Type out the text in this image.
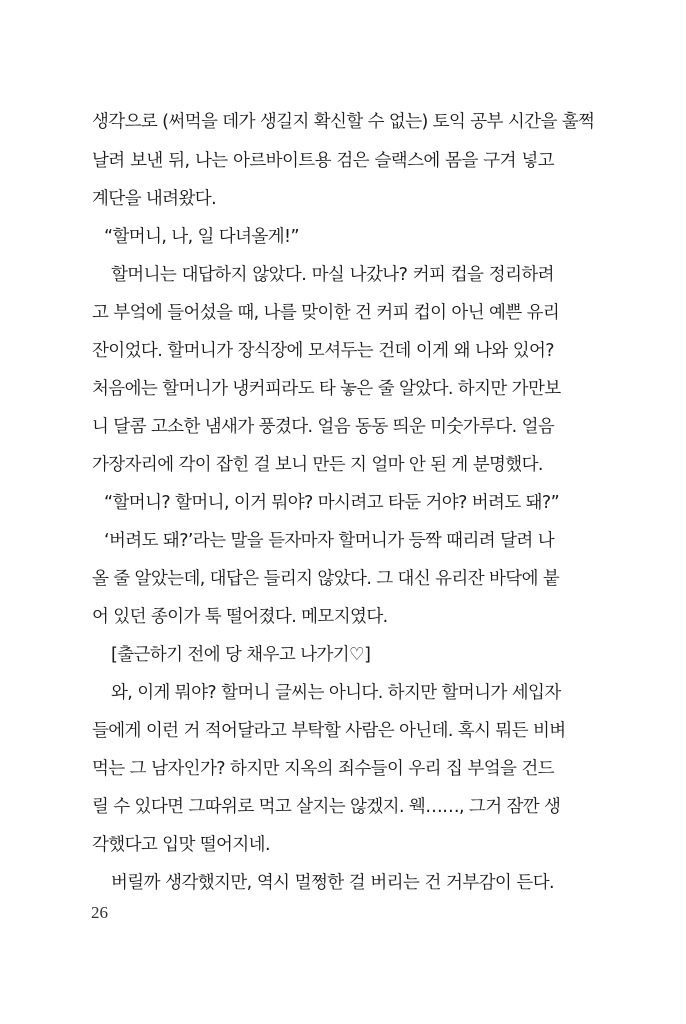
생각으로 (써먹을 데가 생길지 확신할 수 없는) 토익 공부 시간을 훌쩍
날려 보낸 뒤, 나는 아르바이트용 검은 슬랙스에 몸을 구겨 넣고
계단을 내려왔다.
“할머니, 나, 일 다녀올게!”
할머니는 대답하지 않았다. 마실 나갔나? 커피 컵을 정리하려
고 부엌에 들어섰을 때, 나를 맞이한 건 커피 컵이 아닌 예쁜 유리
잔이었다. 할머니가 장식장에 모셔두는 건데 이게 왜 나와 있어?
처음에는 할머니가 냉커피라도 타 놓은 줄 알았다. 하지만 가만보
니 달콤 고소한 냄새가 풍겼다. 얼음 동동 띄운 미숫가루다. 얼음
가장자리에 각이 잡힌 걸 보니 만든 지 얼마 안 된 게 분명했다.
“할머니? 할머니, 이거 뭐야? 마시려고 타둔 거야? 버려도 돼?”
‘버려도 돼?’라는 말을 듣자마자 할머니가 등짝 때리려 달려 나
올 줄 알았는데, 대답은 들리지 않았다. 그 대신 유리잔 바닥에 붙
어 있던 종이가 툭 떨어졌다. 메모지였다.
[출근하기 전에 당 채우고 나가기♡]
와, 이게 뭐야? 할머니 글씨는 아니다. 하지만 할머니가 세입자
들에게 이런 거 적어달라고 부탁할 사람은 아닌데. 혹시 뭐든 비벼
먹는 그 남자인가? 하지만 지옥의 죄수들이 우리 집 부엌을 건드
릴 수 있다면 그따위로 먹고 살지는 않겠지. 웩……, 그거 잠깐 생
각했다고 입맛 떨어지네.
버릴까 생각했지만, 역시 멀쩡한 걸 버리는 건 거부감이 든다.
26
